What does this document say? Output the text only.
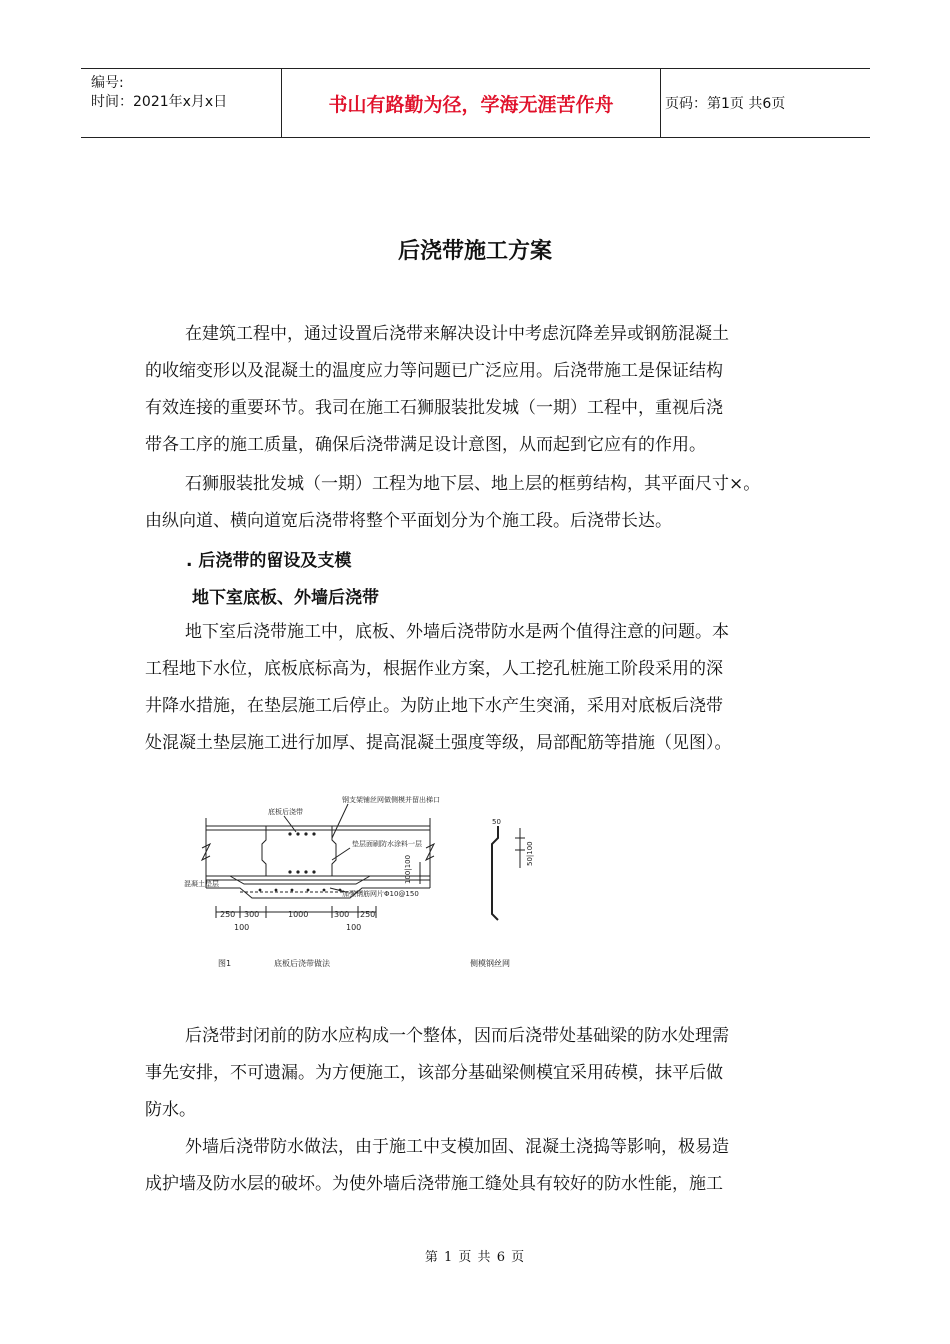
编号:
时间：2021年x月x日	书山有路勤为径，学海无涯苦作舟	页码：第1页 共6页
后浇带施工方案

在建筑工程中，通过设置后浇带来解决设计中考虑沉降差异或钢筋混凝土

的收缩变形以及混凝土的温度应力等问题已广泛应用。后浇带施工是保证结构

有效连接的重要环节。我司在施工石狮服装批发城（一期）工程中，重视后浇

带各工序的施工质量，确保后浇带满足设计意图，从而起到它应有的作用。

石狮服装批发城（一期）工程为地下层、地上层的框剪结构，其平面尺寸×。

由纵向道、横向道宽后浇带将整个平面划分为个施工段。后浇带长达。

. 后浇带的留设及支模
地下室底板、外墙后浇带

地下室后浇带施工中，底板、外墙后浇带防水是两个值得注意的问题。本

工程地下水位，底板底标高为，根据作业方案，人工挖孔桩施工阶段采用的深

井降水措施，在垫层施工后停止。为防止地下水产生突涌，采用对底板后浇带

处混凝土垫层施工进行加厚、提高混凝土强度等级，局部配筋等措施（见图）。

底板后浇带
钢支架铺丝网做侧模并留出梯口
垫层面刷防水涂料一层
混凝土垫层
加强钢筋网片Φ10@150
100|100
50
50|100
250 300	1000	300 250
100	100
图1	底板后浇带做法	侧模钢丝网

后浇带封闭前的防水应构成一个整体，因而后浇带处基础梁的防水处理需

事先安排，不可遗漏。为方便施工，该部分基础梁侧模宜采用砖模，抹平后做

防水。

外墙后浇带防水做法，由于施工中支模加固、混凝土浇捣等影响，极易造

成护墙及防水层的破坏。为使外墙后浇带施工缝处具有较好的防水性能，施工

第 1 页 共 6 页
